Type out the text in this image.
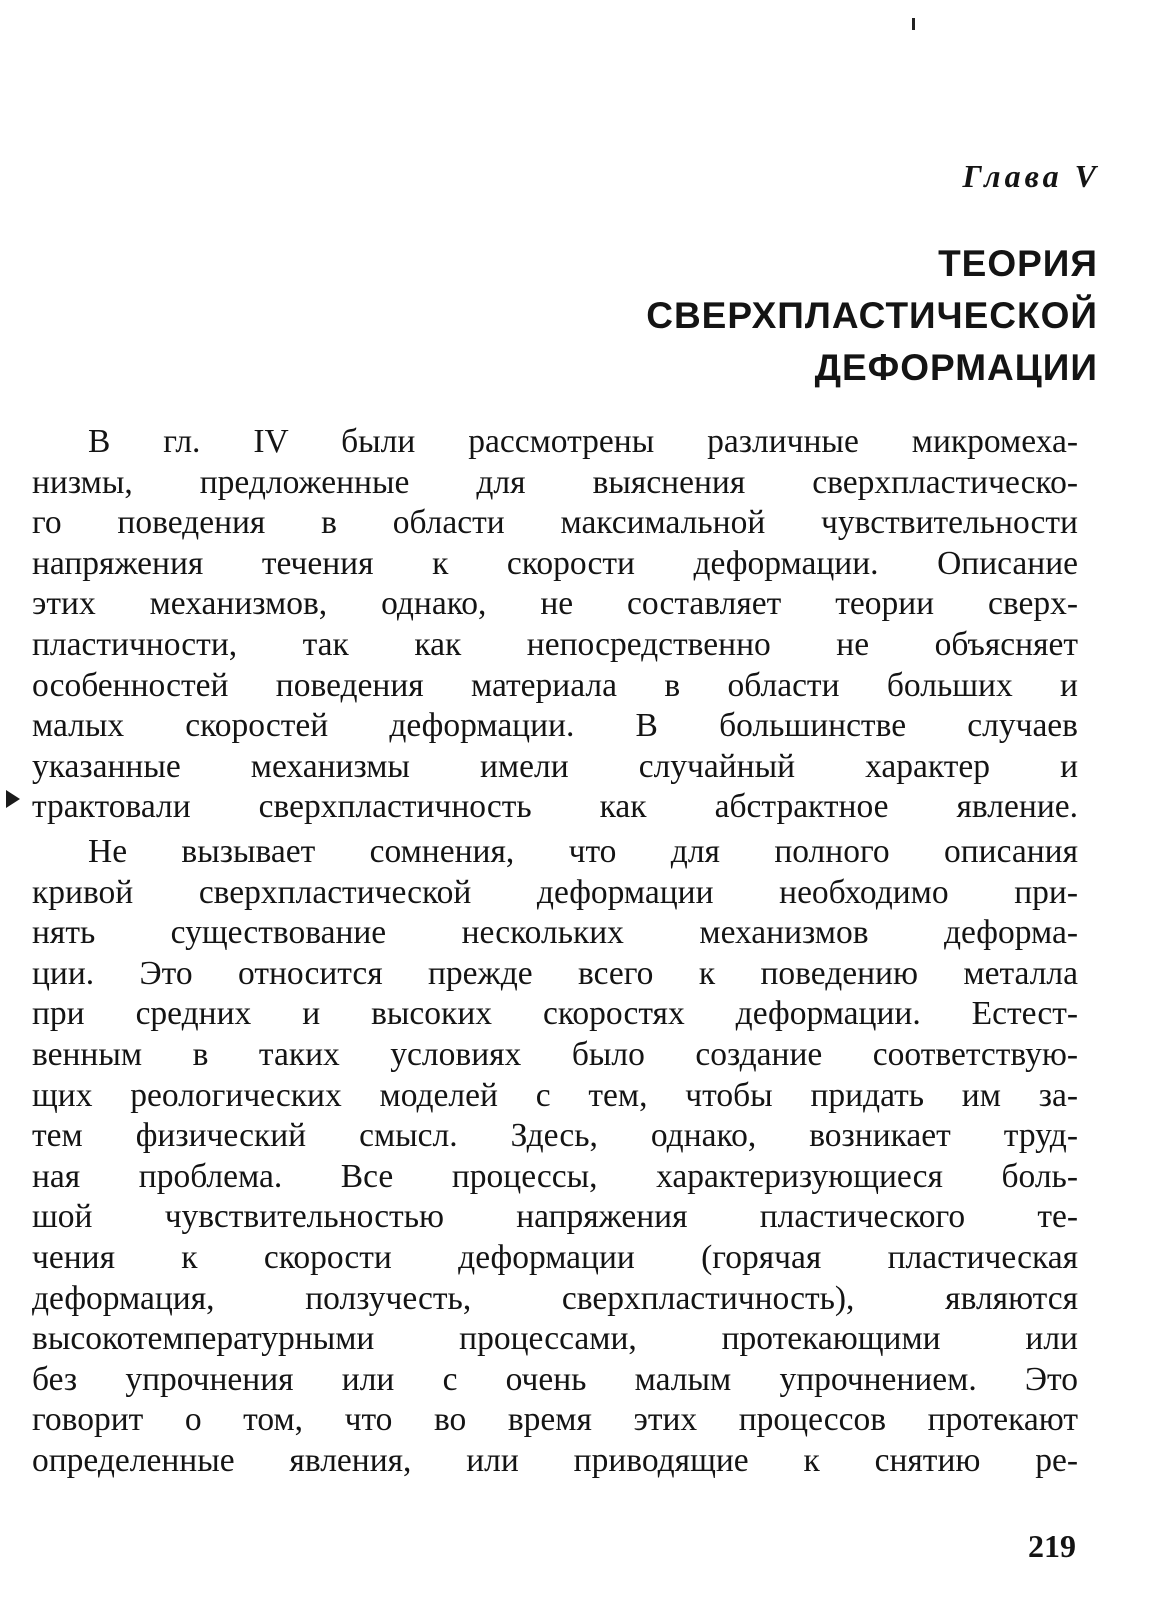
Глава V
ТЕОРИЯ
СВЕРХПЛАСТИЧЕСКОЙ
ДЕФОРМАЦИИ
В гл. IV были рассмотрены различные микромеха-
низмы, предложенные для выяснения сверхпластическо-
го поведения в области максимальной чувствительности
напряжения течения к скорости деформации. Описание
этих механизмов, однако, не составляет теории сверх-
пластичности, так как непосредственно не объясняет
особенностей поведения материала в области больших и
малых скоростей деформации. В большинстве случаев
указанные механизмы имели случайный характер и
трактовали сверхпластичность как абстрактное явление.
Не вызывает сомнения, что для полного описания
кривой сверхпластической деформации необходимо при-
нять существование нескольких механизмов деформа-
ции. Это относится прежде всего к поведению металла
при средних и высоких скоростях деформации. Естест-
венным в таких условиях было создание соответствую-
щих реологических моделей с тем, чтобы придать им за-
тем физический смысл. Здесь, однако, возникает труд-
ная проблема. Все процессы, характеризующиеся боль-
шой чувствительностью напряжения пластического те-
чения к скорости деформации (горячая пластическая
деформация, ползучесть, сверхпластичность), являются
высокотемпературными процессами, протекающими или
без упрочнения или с очень малым упрочнением. Это
говорит о том, что во время этих процессов протекают
определенные явления, или приводящие к снятию ре-
219
